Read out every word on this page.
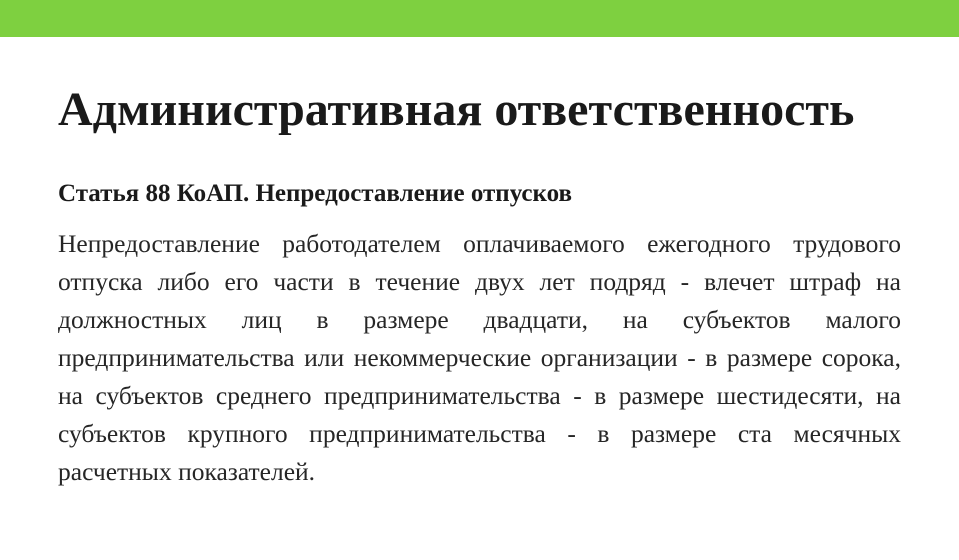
Административная ответственность
Статья 88 КоАП. Непредоставление отпусков

Непредоставление работодателем оплачиваемого ежегодного трудового отпуска либо его части в течение двух лет подряд - влечет штраф на должностных лиц в размере двадцати, на субъектов малого предпринимательства или некоммерческие организации - в размере сорока, на субъектов среднего предпринимательства - в размере шестидесяти, на субъектов крупного предпринимательства - в размере ста месячных расчетных показателей.
